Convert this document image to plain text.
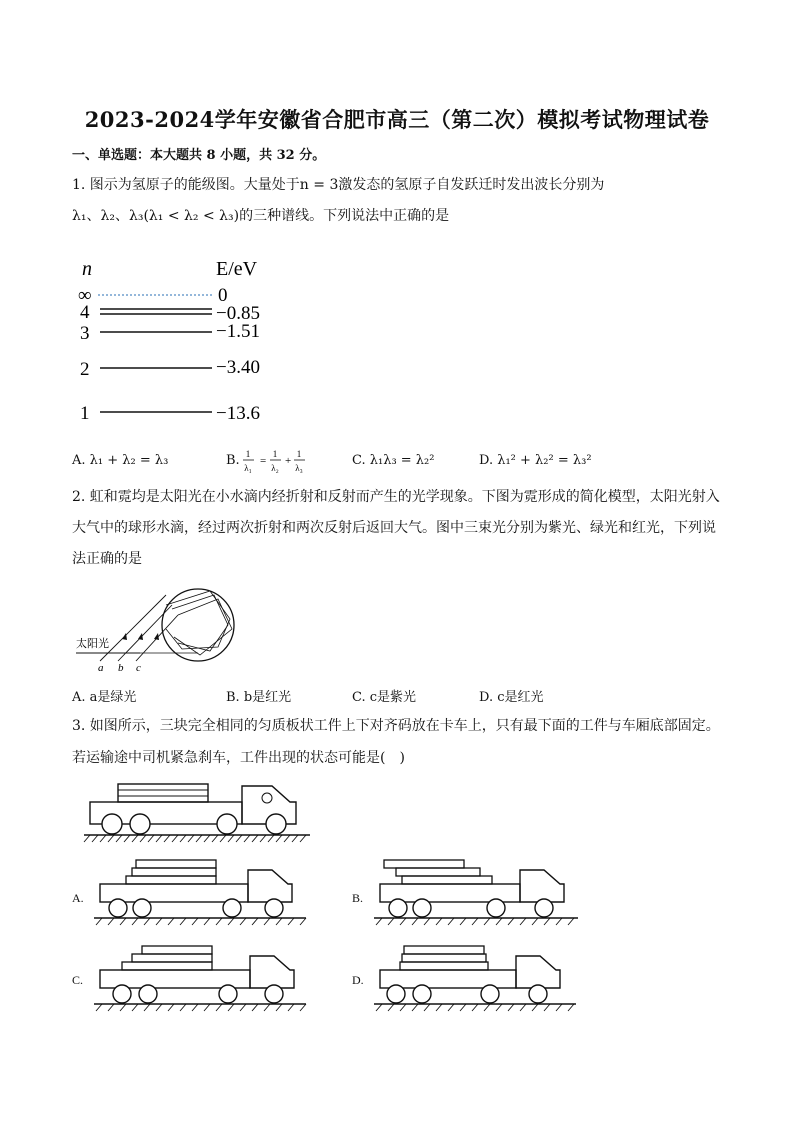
2023-2024学年安徽省合肥市高三（第二次）模拟考试物理试卷
一、单选题：本大题共 8 小题，共 32 分。
1. 图示为氢原子的能级图。大量处于n = 3激发态的氢原子自发跃迁时发出波长分别为
λ₁、λ₂、λ₃(λ₁ < λ₂ < λ₃)的三种谱线。下列说法中正确的是
n	E/eV
∞	0
4	−0.85
3	−1.51
2	−3.40
1	−13.6
A. λ₁ + λ₂ = λ₃	B. 1
λ₁
=
1
λ₂
+
1
λ₃	C. λ₁λ₃ = λ₂²	D. λ₁² + λ₂² = λ₃²
2. 虹和霓均是太阳光在小水滴内经折射和反射而产生的光学现象。下图为霓形成的简化模型，太阳光射入
大气中的球形水滴，经过两次折射和两次反射后返回大气。图中三束光分别为紫光、绿光和红光，下列说
法正确的是
太阳光
a b c
A. a是绿光	B. b是红光	C. c是紫光	D. c是红光
3. 如图所示，三块完全相同的匀质板状工件上下对齐码放在卡车上，只有最下面的工件与车厢底部固定。
若运输途中司机紧急刹车，工件出现的状态可能是(　)
A.	B.
C.	D.
